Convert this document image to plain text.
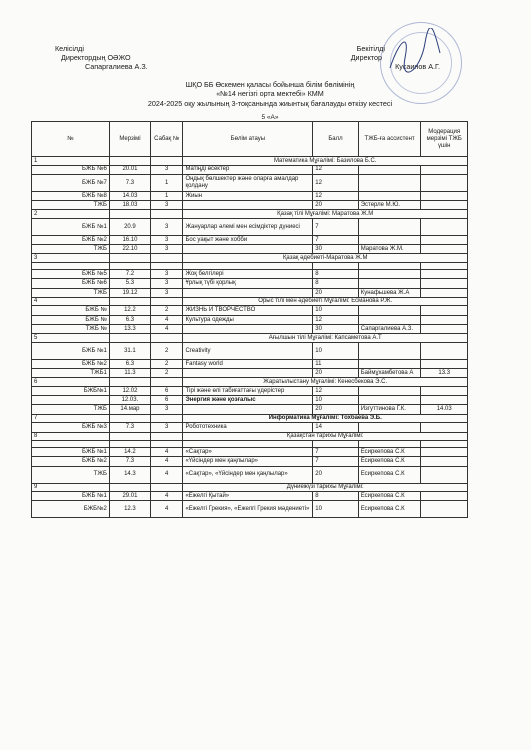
Келісілді
Директордың ОӘЖО
Сапаргалиева А.З.
Бекітілді
Директор
Кусаинов А.Г.
ШҚО ББ Өскемен қаласы бойынша білім бөлімінің
«№14 негізгі орта мектебі» КММ
2024-2025 оқу жылының 3-тоқсанында жиынтық бағалауды өткізу кестесі
5 «А»
№	Мерзімі	Сабақ №	Бөлім атауы	Балл	ТЖБ-ға ассистент	Модерация мерзімі ТЖБ үшін
1			Математика Мұғалімі: Базилова Б.С.			
БЖБ №6	20.01	3	Матіңді өсектер	12		
БЖБ №7	7.3	1	Оңдық бөлшектер және оларға амалдар қолдану	12		
БЖБ №8	14.03	1	Жиын	12		
ТЖБ	18.03	3		20	Эстерле М.Ю.	
2			Қазақ тілі Мұғалімі: Маратова Ж.М			
БЖБ №1	20.9	3	Жануарлар әлемі мен есімдіктер дүниесі	7		
БЖБ №2	16.10	3	Бос уақыт және хобби	7		
ТЖБ	22.10	3		30	Маратова Ж.М.	
3			Қазақ әдебиеті-Маратова Ж.М			

БЖБ №5	7.2	3	Жоқ белгілері	8		
БЖБ №6	5.3	3	Ұрлық түбі қорлық	8		
ТЖБ	19.12	3		20	Кунафьшева Ж.А	
4			Орыс тілі мен әдебиеті Мұғалімі: Есманова Р.Ж.			
БЖБ №	12.2	2	ЖИЗНЬ И ТВОРЧЕСТВО	10		
БЖБ №	6.3	4	Культура одежды	12		
ТЖБ №	13.3	4		30	Сапаргалиева А.З.	
5			Ағылшын тілі Мұғалімі: Капсаметова А.Т			
БЖБ №1	31.1	2	Creativity	10		
БЖБ №2	6.3	2	Fantasy world	11		
ТЖБ1	11.3	2		20	Баймұхамбетова А	13.3
6			Жаратылыстану Мұғалімі: Кенесбекова Э.С.			
БЖБ№1	12.02	6	Тірі және өлі табиғаттағы үдерістер	12		
	12.03.	6	Энергия және қозғалыс	10		
ТЖБ	14.мар	3		20	Изгуттинова Г.К.	14.03
7			Информатика Мұғалімі: Тохбаева Э.Б.			
БЖБ №3	7.3	3	Робототехника	14		
8			Қазақстан тарихы Мұғалімі:			

БЖБ №1	14.2	4	«Сақтар»	7	Есиркепова С.К	
БЖБ №2	7.3	4	«Үйсіндер мен қаңлылар»	7	Есиркепова С.К	
ТЖБ	14.3	4	«Сақтар», «Үйсіндер мен қаңлылар»	20	Есиркепова С.К	
9			Дүниежүзі тарихы Мұғалімі:			
БЖБ №1	29.01	4	«Ежелгі Қытай»	8	Есиркепова С.К	
БЖБ№2	12.3	4	«Ежелгі Грекия», «Ежелгі Грекия мәдениеті»	10	Есиркепова С.К	
